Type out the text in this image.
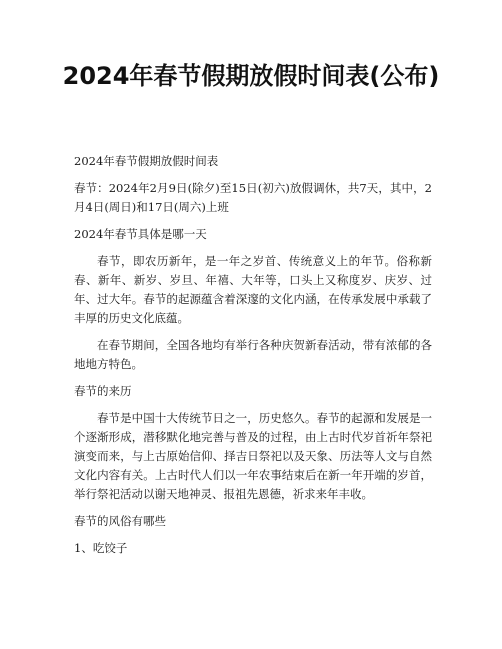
2024年春节假期放假时间表(公布)

2024年春节假期放假时间表

春节：2024年2月9日(除夕)至15日(初六)放假调休，共7天，其中，2月4日(周日)和17日(周六)上班

2024年春节具体是哪一天

春节，即农历新年，是一年之岁首、传统意义上的年节。俗称新春、新年、新岁、岁旦、年禧、大年等，口头上又称度岁、庆岁、过年、过大年。春节的起源蕴含着深邃的文化内涵，在传承发展中承载了丰厚的历史文化底蕴。

在春节期间，全国各地均有举行各种庆贺新春活动，带有浓郁的各地地方特色。

春节的来历

春节是中国十大传统节日之一，历史悠久。春节的起源和发展是一个逐渐形成，潜移默化地完善与普及的过程，由上古时代岁首祈年祭祀演变而来，与上古原始信仰、择吉日祭祀以及天象、历法等人文与自然文化内容有关。上古时代人们以一年农事结束后在新一年开端的岁首，举行祭祀活动以谢天地神灵、报祖先恩德，祈求来年丰收。

春节的风俗有哪些

1、吃饺子
